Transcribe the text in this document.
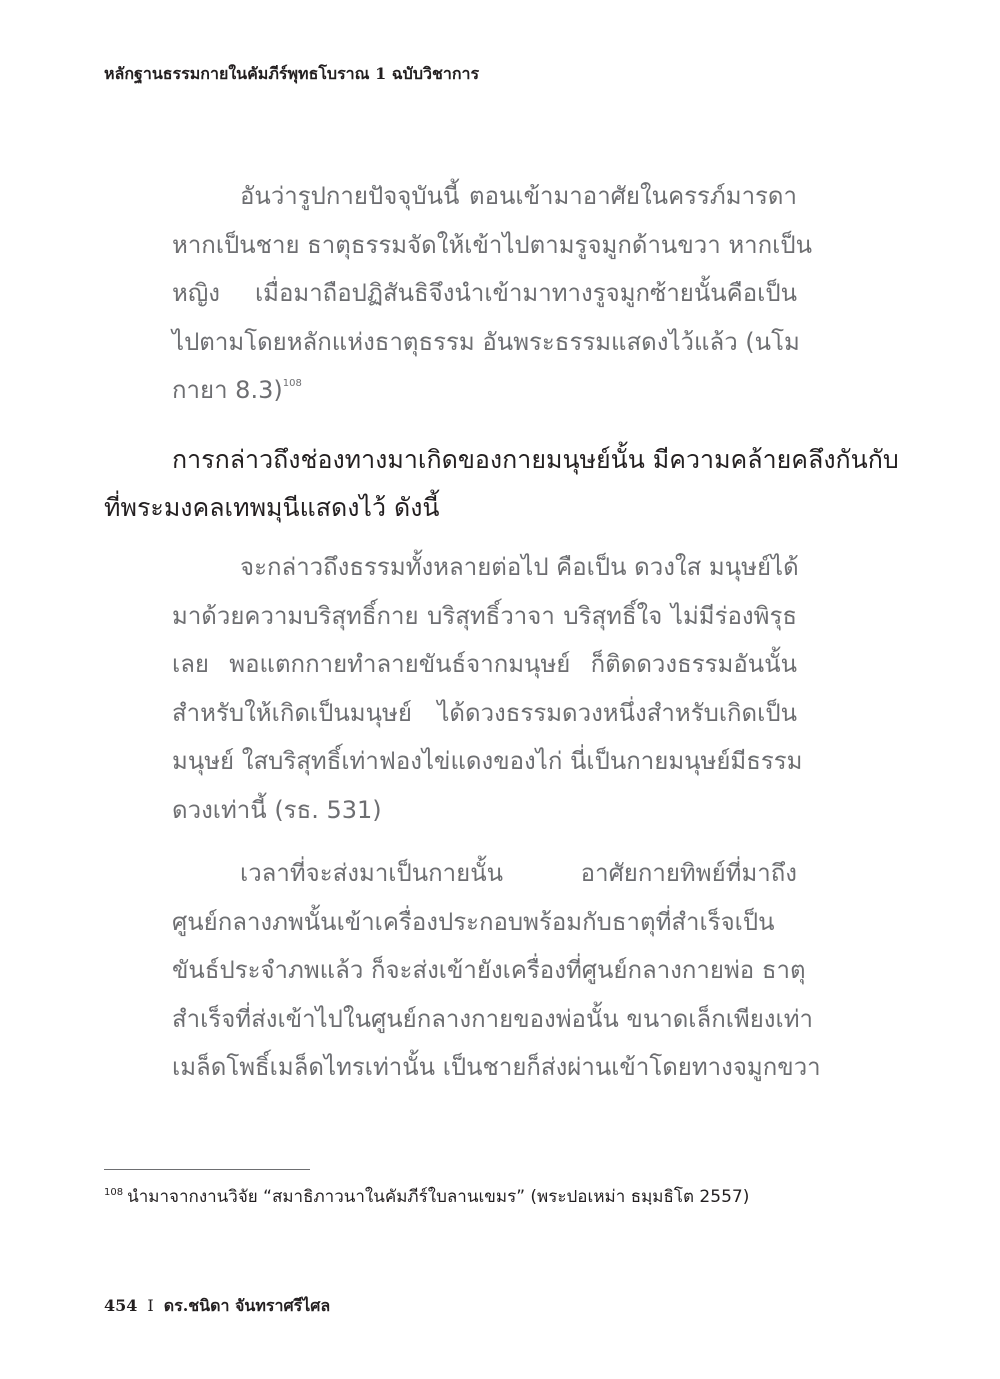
หลักฐานธรรมกายในคัมภีร์พุทธโบราณ 1 ฉบับวิชาการ
อันว่ารูปกายปัจจุบันนี้ ตอนเข้ามาอาศัยในครรภ์มารดา
หากเป็นชาย ธาตุธรรมจัดให้เข้าไปตามรูจมูกด้านขวา หากเป็น
หญิง เมื่อมาถือปฏิสันธิจึงนำเข้ามาทางรูจมูกซ้ายนั้นคือเป็น
ไปตามโดยหลักแห่งธาตุธรรม อันพระธรรมแสดงไว้แล้ว (นโม
กายา 8.3)$^{108}$
การกล่าวถึงช่องทางมาเกิดของกายมนุษย์นั้น มีความคล้ายคลึงกันกับ
ที่พระมงคลเทพมุนีแสดงไว้ ดังนี้
จะกล่าวถึงธรรมทั้งหลายต่อไป คือเป็น ดวงใส มนุษย์ได้
มาด้วยความบริสุทธิ์กาย บริสุทธิ์วาจา บริสุทธิ์ใจ ไม่มีร่องพิรุธ
เลย พอแตกกายทำลายขันธ์จากมนุษย์ ก็ติดดวงธรรมอันนั้น
สำหรับให้เกิดเป็นมนุษย์ ได้ดวงธรรมดวงหนึ่งสำหรับเกิดเป็น
มนุษย์ ใสบริสุทธิ์เท่าฟองไข่แดงของไก่ นี่เป็นกายมนุษย์มีธรรม
ดวงเท่านี้ (รธ. 531)
เวลาที่จะส่งมาเป็นกายนั้น อาศัยกายทิพย์ที่มาถึง
ศูนย์กลางภพนั้นเข้าเครื่องประกอบพร้อมกับธาตุที่สำเร็จเป็น
ขันธ์ประจำภพแล้ว ก็จะส่งเข้ายังเครื่องที่ศูนย์กลางกายพ่อ ธาตุ
สำเร็จที่ส่งเข้าไปในศูนย์กลางกายของพ่อนั้น ขนาดเล็กเพียงเท่า
เมล็ดโพธิ์เมล็ดไทรเท่านั้น เป็นชายก็ส่งผ่านเข้าโดยทางจมูกขวา
$^{108}$ นำมาจากงานวิจัย “สมาธิภาวนาในคัมภีร์ใบลานเขมร” (พระปอเหม่า ธมฺมธิโต 2557)
454 I ดร.ชนิดา จันทราศรีไศล
